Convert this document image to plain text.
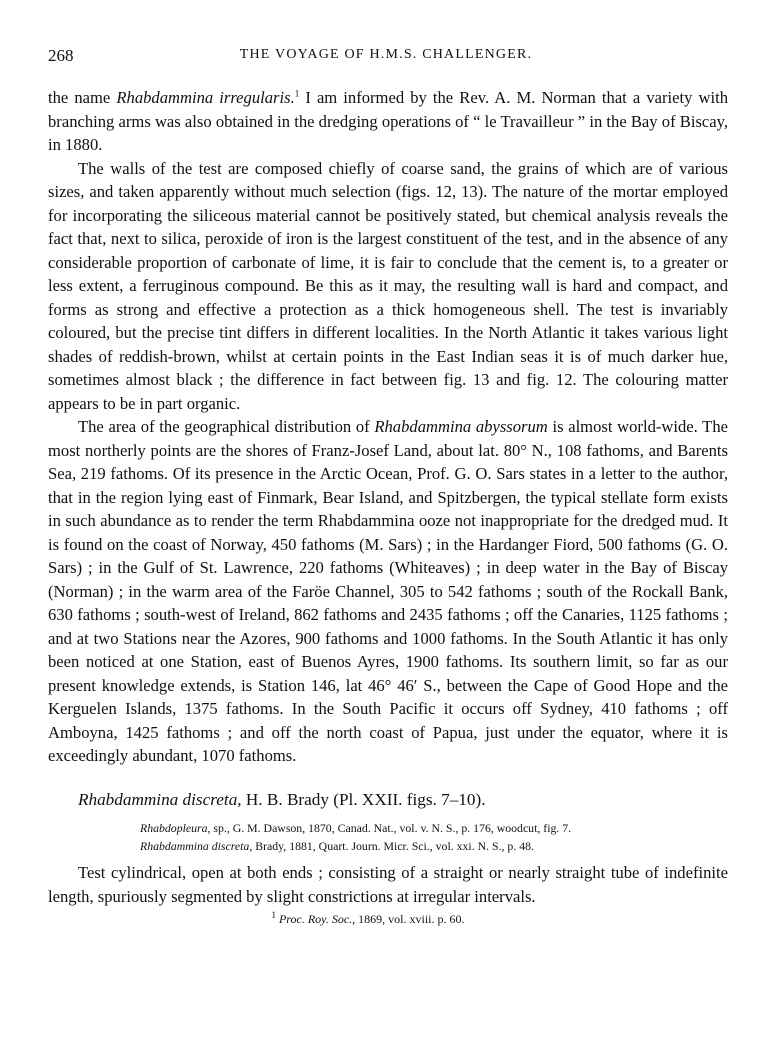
268	THE VOYAGE OF H.M.S. CHALLENGER.

the name Rhabdammina irregularis.$^1$ I am informed by the Rev. A. M. Norman that a variety with branching arms was also obtained in the dredging operations of “ le Travailleur ” in the Bay of Biscay, in 1880.

The walls of the test are composed chiefly of coarse sand, the grains of which are of various sizes, and taken apparently without much selection (figs. 12, 13). The nature of the mortar employed for incorporating the siliceous material cannot be positively stated, but chemical analysis reveals the fact that, next to silica, peroxide of iron is the largest constituent of the test, and in the absence of any considerable proportion of carbonate of lime, it is fair to conclude that the cement is, to a greater or less extent, a ferruginous compound. Be this as it may, the resulting wall is hard and compact, and forms as strong and effective a protection as a thick homogeneous shell. The test is invariably coloured, but the precise tint differs in different localities. In the North Atlantic it takes various light shades of reddish-brown, whilst at certain points in the East Indian seas it is of much darker hue, sometimes almost black ; the difference in fact between fig. 13 and fig. 12. The colouring matter appears to be in part organic.

The area of the geographical distribution of Rhabdammina abyssorum is almost world-wide. The most northerly points are the shores of Franz-Josef Land, about lat. 80° N., 108 fathoms, and Barents Sea, 219 fathoms. Of its presence in the Arctic Ocean, Prof. G. O. Sars states in a letter to the author, that in the region lying east of Finmark, Bear Island, and Spitzbergen, the typical stellate form exists in such abundance as to render the term Rhabdammina ooze not inappropriate for the dredged mud. It is found on the coast of Norway, 450 fathoms (M. Sars) ; in the Hardanger Fiord, 500 fathoms (G. O. Sars) ; in the Gulf of St. Lawrence, 220 fathoms (Whiteaves) ; in deep water in the Bay of Biscay (Norman) ; in the warm area of the Faröe Channel, 305 to 542 fathoms ; south of the Rockall Bank, 630 fathoms ; south-west of Ireland, 862 fathoms and 2435 fathoms ; off the Canaries, 1125 fathoms ; and at two Stations near the Azores, 900 fathoms and 1000 fathoms. In the South Atlantic it has only been noticed at one Station, east of Buenos Ayres, 1900 fathoms. Its southern limit, so far as our present knowledge extends, is Station 146, lat 46° 46′ S., between the Cape of Good Hope and the Kerguelen Islands, 1375 fathoms. In the South Pacific it occurs off Sydney, 410 fathoms ; off Amboyna, 1425 fathoms ; and off the north coast of Papua, just under the equator, where it is exceedingly abundant, 1070 fathoms.

Rhabdammina discreta, H. B. Brady (Pl. XXII. figs. 7–10).

Rhabdopleura, sp., G. M. Dawson, 1870, Canad. Nat., vol. v. N. S., p. 176, woodcut, fig. 7.
Rhabdammina discreta, Brady, 1881, Quart. Journ. Micr. Sci., vol. xxi. N. S., p. 48.

Test cylindrical, open at both ends ; consisting of a straight or nearly straight tube of indefinite length, spuriously segmented by slight constrictions at irregular intervals.

$^1$ Proc. Roy. Soc., 1869, vol. xviii. p. 60.
